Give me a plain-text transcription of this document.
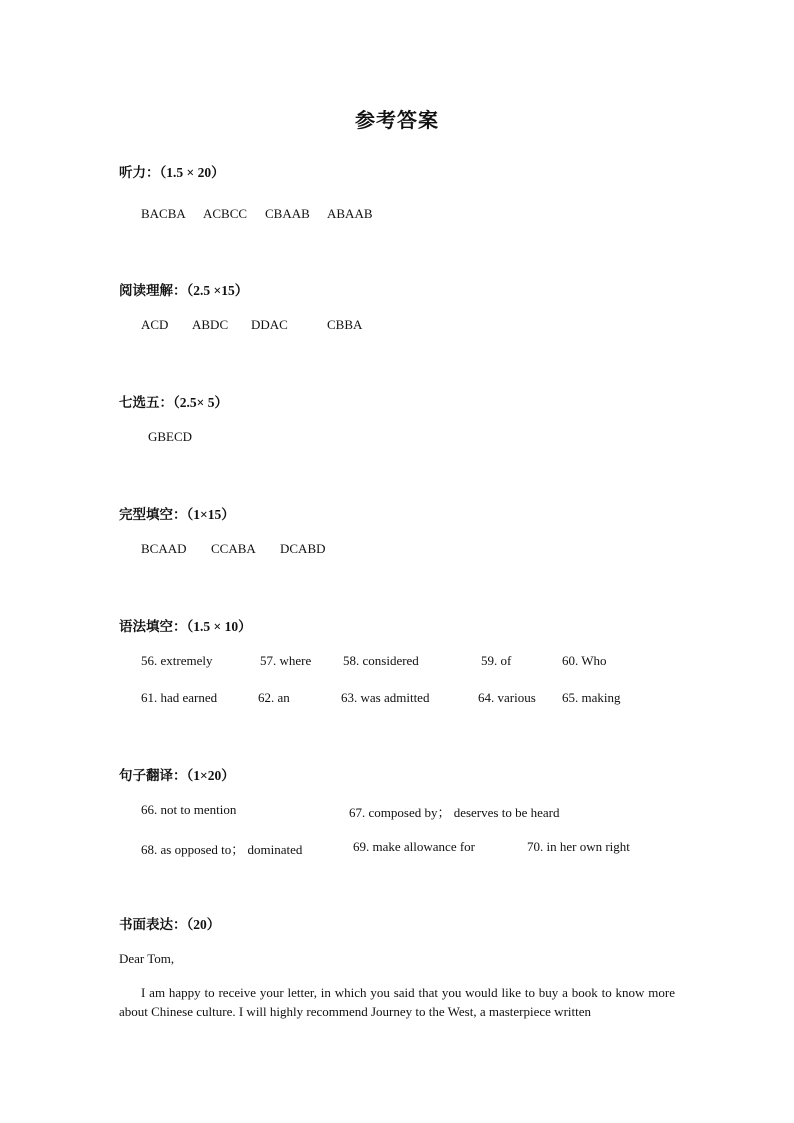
参考答案
听力：（1.5 × 20）
BACBA ACBCC CBAAB ABAAB
阅读理解：（2.5 ×15）
ACD ABDC DDAC	CBBA
七选五：（2.5× 5）
GBECD
完型填空：（1×15）
BCAAD CCABA DCABD
语法填空：（1.5 × 10）
56. extremely	57. where 58. considered	59. of	60. Who
61. had earned	62. an	63. was admitted	64. various 65. making
句子翻译：（1×20）
66. not to mention	67. composed by； deserves to be heard
68. as opposed to； dominated	69. make allowance for	70. in her own right
书面表达：（20）
Dear Tom,

I am happy to receive your letter, in which you said that you would like to buy a book to know more about Chinese culture. I will highly recommend Journey to the West, a masterpiece written
